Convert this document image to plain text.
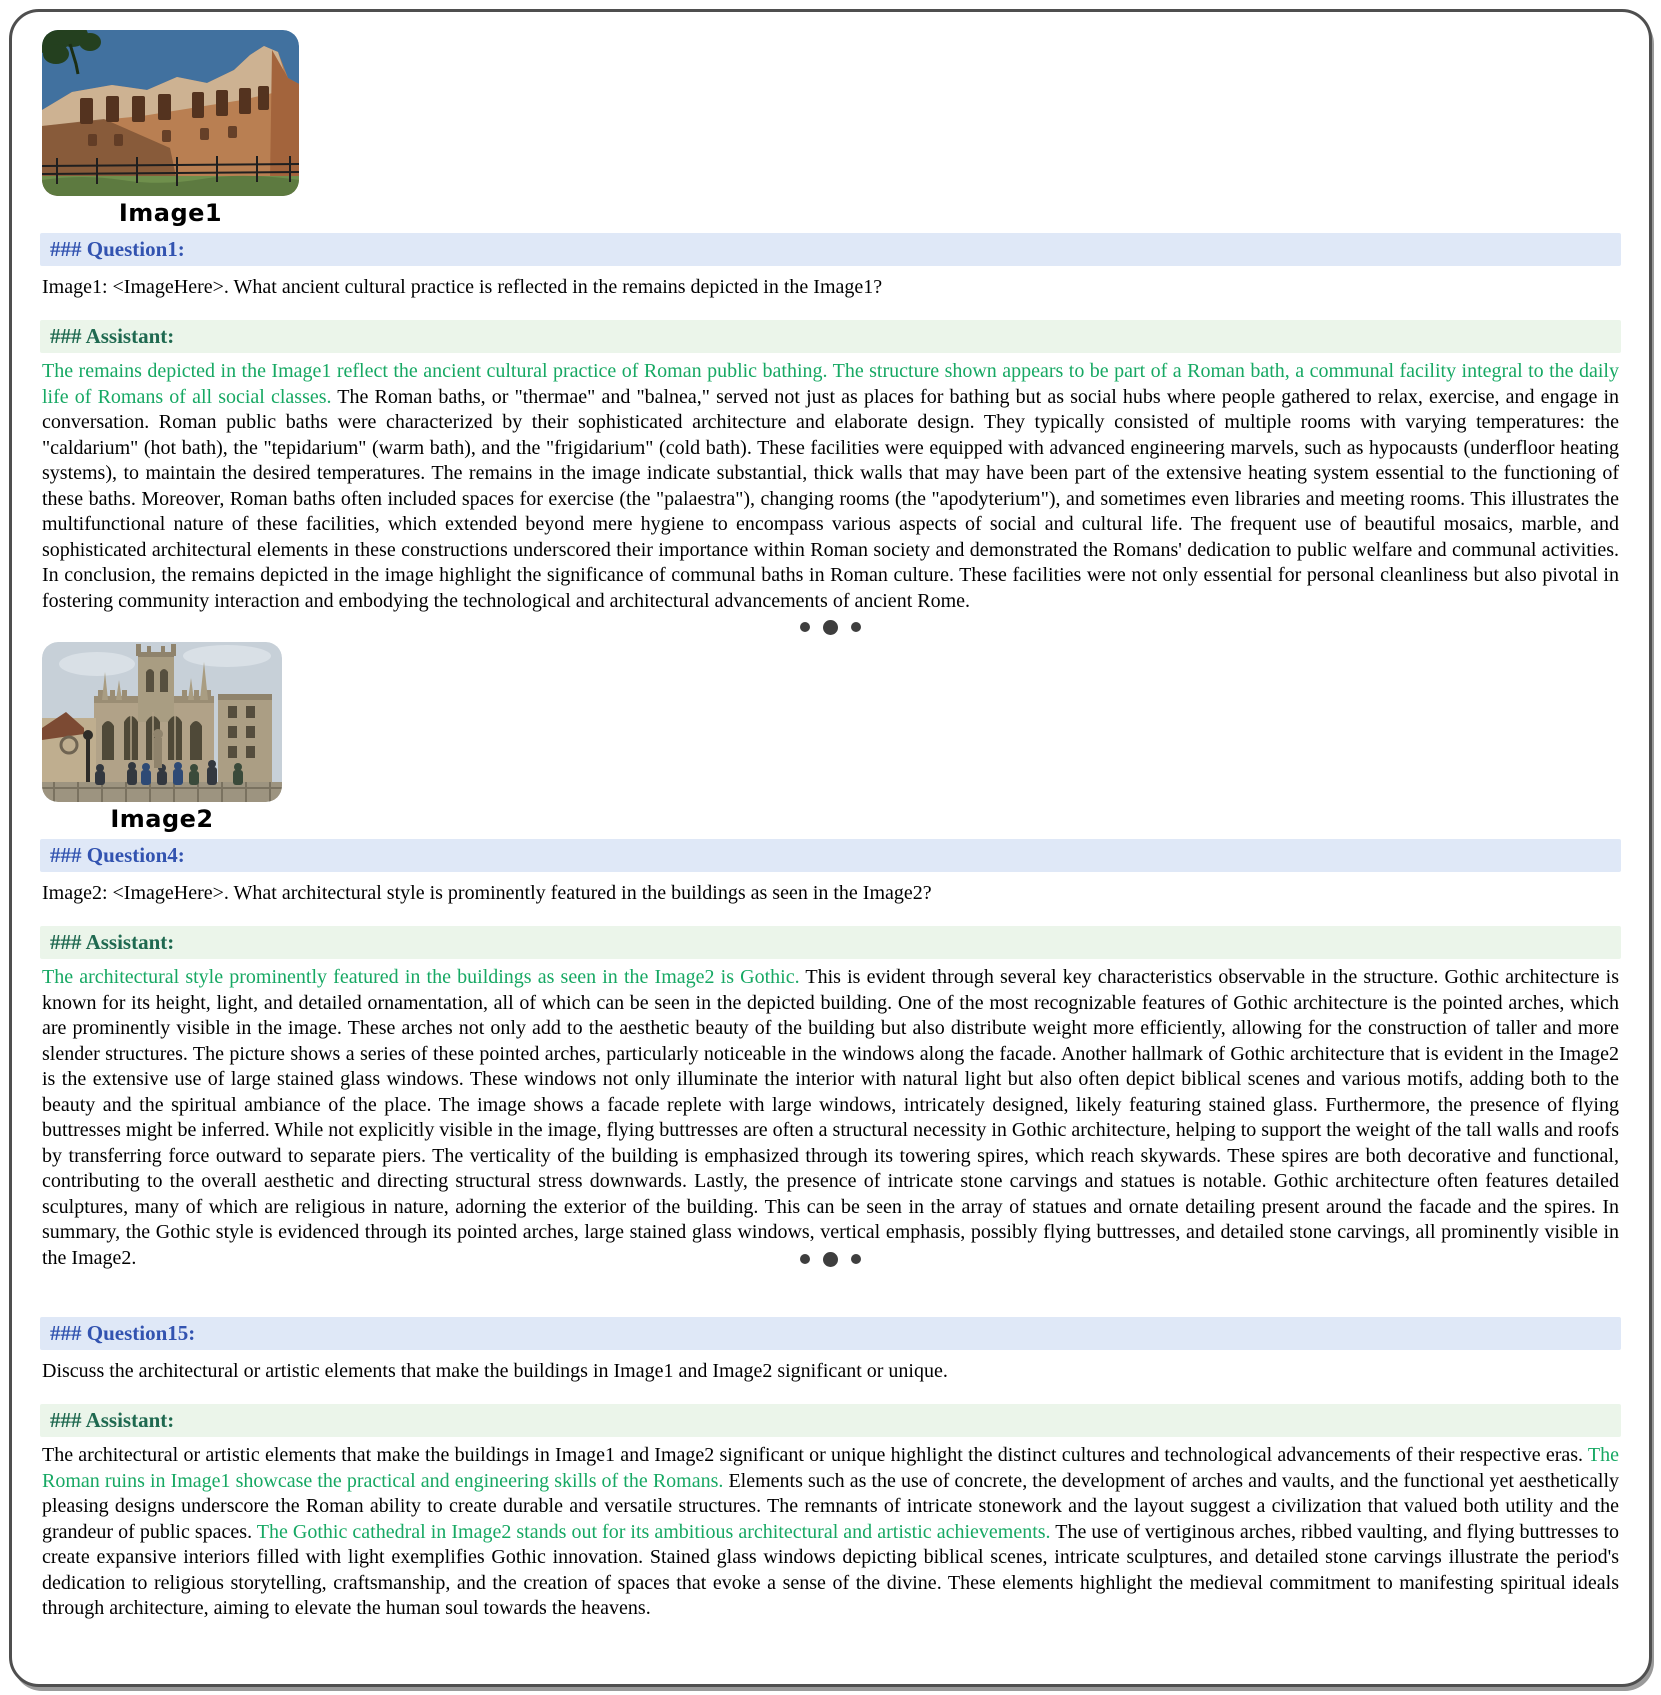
Image1
### Question1:
Image1: <ImageHere>. What ancient cultural practice is reflected in the remains depicted in the Image1?
### Assistant:

The remains depicted in the Image1 reflect the ancient cultural practice of Roman public bathing. The structure shown appears to be part of a Roman bath, a communal facility integral to the daily life of Romans of all social classes. The Roman baths, or "thermae" and "balnea," served not just as places for bathing but as social hubs where people gathered to relax, exercise, and engage in conversation. Roman public baths were characterized by their sophisticated architecture and elaborate design. They typically consisted of multiple rooms with varying temperatures: the "caldarium" (hot bath), the "tepidarium" (warm bath), and the "frigidarium" (cold bath). These facilities were equipped with advanced engineering marvels, such as hypocausts (underfloor heating systems), to maintain the desired temperatures. The remains in the image indicate substantial, thick walls that may have been part of the extensive heating system essential to the functioning of these baths. Moreover, Roman baths often included spaces for exercise (the "palaestra"), changing rooms (the "apodyterium"), and sometimes even libraries and meeting rooms. This illustrates the multifunctional nature of these facilities, which extended beyond mere hygiene to encompass various aspects of social and cultural life. The frequent use of beautiful mosaics, marble, and sophisticated architectural elements in these constructions underscored their importance within Roman society and demonstrated the Romans' dedication to public welfare and communal activities. In conclusion, the remains depicted in the image highlight the significance of communal baths in Roman culture. These facilities were not only essential for personal cleanliness but also pivotal in fostering community interaction and embodying the technological and architectural advancements of ancient Rome.

Image2
### Question4:
Image2: <ImageHere>. What architectural style is prominently featured in the buildings as seen in the Image2?
### Assistant:

The architectural style prominently featured in the buildings as seen in the Image2 is Gothic. This is evident through several key characteristics observable in the structure. Gothic architecture is known for its height, light, and detailed ornamentation, all of which can be seen in the depicted building. One of the most recognizable features of Gothic architecture is the pointed arches, which are prominently visible in the image. These arches not only add to the aesthetic beauty of the building but also distribute weight more efficiently, allowing for the construction of taller and more slender structures. The picture shows a series of these pointed arches, particularly noticeable in the windows along the facade. Another hallmark of Gothic architecture that is evident in the Image2 is the extensive use of large stained glass windows. These windows not only illuminate the interior with natural light but also often depict biblical scenes and various motifs, adding both to the beauty and the spiritual ambiance of the place. The image shows a facade replete with large windows, intricately designed, likely featuring stained glass. Furthermore, the presence of flying buttresses might be inferred. While not explicitly visible in the image, flying buttresses are often a structural necessity in Gothic architecture, helping to support the weight of the tall walls and roofs by transferring force outward to separate piers. The verticality of the building is emphasized through its towering spires, which reach skywards. These spires are both decorative and functional, contributing to the overall aesthetic and directing structural stress downwards. Lastly, the presence of intricate stone carvings and statues is notable. Gothic architecture often features detailed sculptures, many of which are religious in nature, adorning the exterior of the building. This can be seen in the array of statues and ornate detailing present around the facade and the spires. In summary, the Gothic style is evidenced through its pointed arches, large stained glass windows, vertical emphasis, possibly flying buttresses, and detailed stone carvings, all prominently visible in the Image2.

### Question15:
Discuss the architectural or artistic elements that make the buildings in Image1 and Image2 significant or unique.
### Assistant:

The architectural or artistic elements that make the buildings in Image1 and Image2 significant or unique highlight the distinct cultures and technological advancements of their respective eras. The Roman ruins in Image1 showcase the practical and engineering skills of the Romans. Elements such as the use of concrete, the development of arches and vaults, and the functional yet aesthetically pleasing designs underscore the Roman ability to create durable and versatile structures. The remnants of intricate stonework and the layout suggest a civilization that valued both utility and the grandeur of public spaces. The Gothic cathedral in Image2 stands out for its ambitious architectural and artistic achievements. The use of vertiginous arches, ribbed vaulting, and flying buttresses to create expansive interiors filled with light exemplifies Gothic innovation. Stained glass windows depicting biblical scenes, intricate sculptures, and detailed stone carvings illustrate the period's dedication to religious storytelling, craftsmanship, and the creation of spaces that evoke a sense of the divine. These elements highlight the medieval commitment to manifesting spiritual ideals through architecture, aiming to elevate the human soul towards the heavens.
